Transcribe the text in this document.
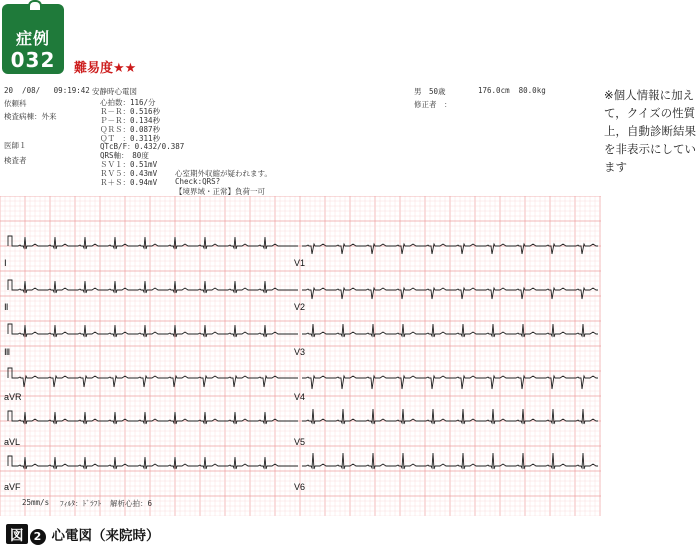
症例
032	難易度★★
※個人情報に加えて，クイズの性質上，自動診断結果を非表示にしています
20  /08/   09:19:42 安静時心電図
依頼科
検査病棟：外来
医師１
検査者
心拍数：116/分
Ｒ－Ｒ：0.516秒
Ｐ－Ｒ：0.134秒
ＱＲＳ：0.087秒
ＱＴ　：0.311秒
QTcB/F：0.432/0.387
QRS軸：　80度
ＳＶ１：0.51mV
ＲＶ５：0.43mV
Ｒ＋Ｓ：0.94mV
男　50歳	176.0cm  80.0kg
修正者　：
心室期外収縮が疑われます。
Check:QRS?
【境界域・正常】負荷一可
Ⅰ
Ⅱ
Ⅲ
aVR
aVL
aVF
V1
V2
V3
V4
V5
V6
25mm/s ﾌｨﾙﾀ：ﾄﾞﾗﾌﾄ 解析心拍：6
図 2 心電図（来院時）
